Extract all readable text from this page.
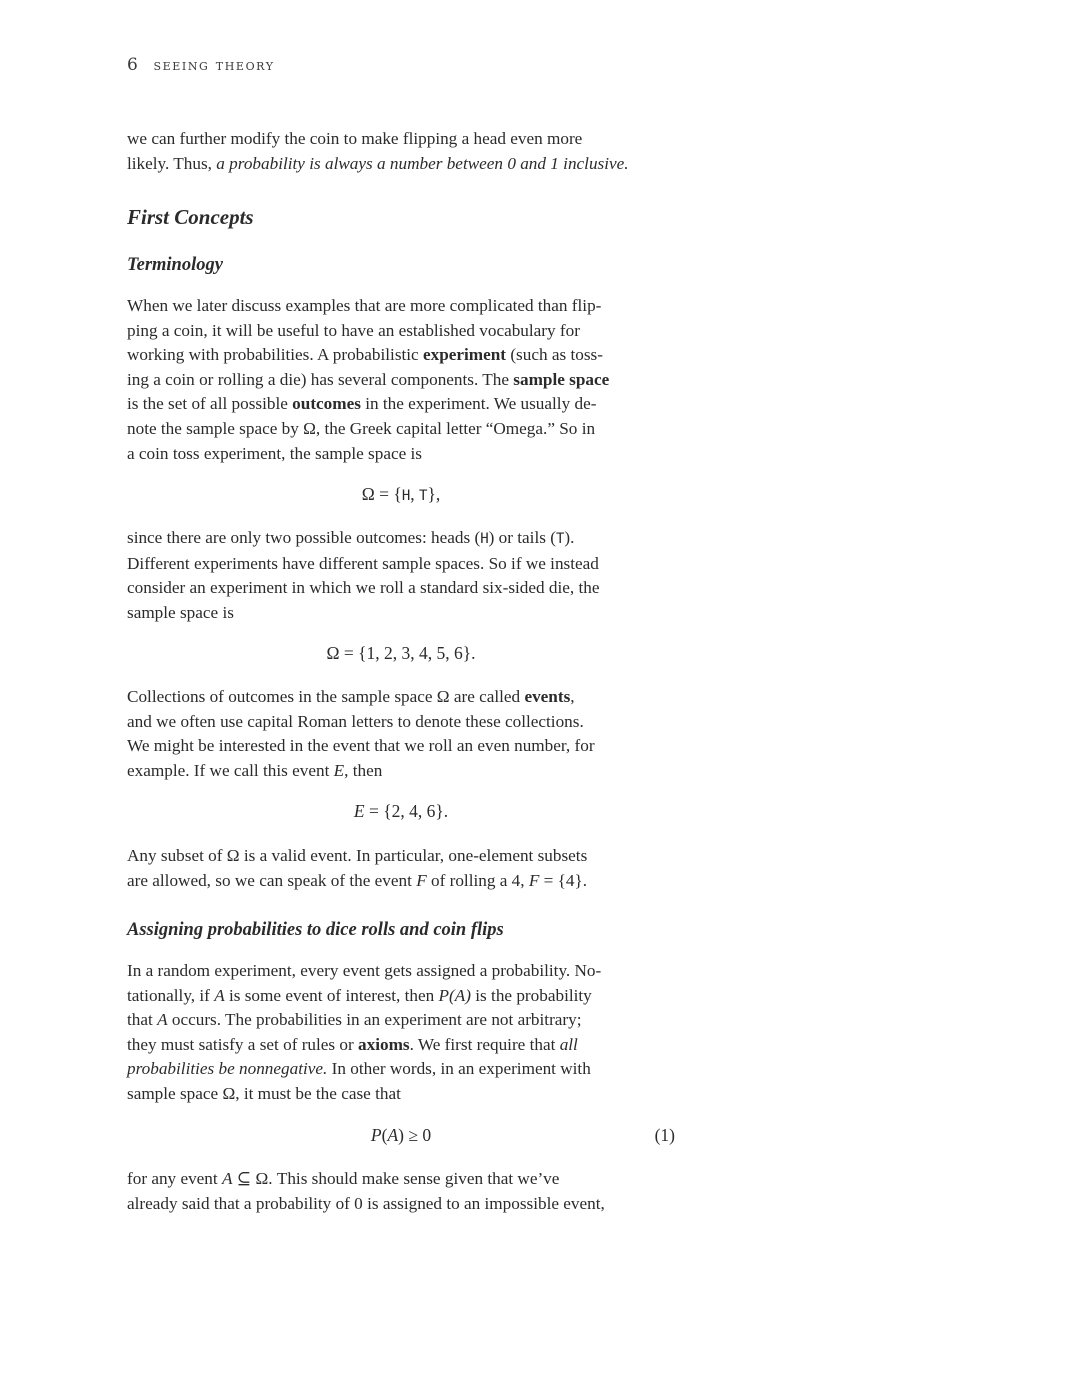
6 seeing theory

we can further modify the coin to make flipping a head even more
likely. Thus, a probability is always a number between 0 and 1 inclusive.

First Concepts
Terminology

When we later discuss examples that are more complicated than flip-
ping a coin, it will be useful to have an established vocabulary for
working with probabilities. A probabilistic experiment (such as toss-
ing a coin or rolling a die) has several components. The sample space
is the set of all possible outcomes in the experiment. We usually de-
note the sample space by Ω, the Greek capital letter “Omega.” So in
a coin toss experiment, the sample space is

Ω = {H, T},

since there are only two possible outcomes: heads (H) or tails (T).
Different experiments have different sample spaces. So if we instead
consider an experiment in which we roll a standard six-sided die, the
sample space is

Ω = {1, 2, 3, 4, 5, 6}.

Collections of outcomes in the sample space Ω are called events,
and we often use capital Roman letters to denote these collections.
We might be interested in the event that we roll an even number, for
example. If we call this event E, then

E = {2, 4, 6}.

Any subset of Ω is a valid event. In particular, one-element subsets
are allowed, so we can speak of the event F of rolling a 4, F = {4}.

Assigning probabilities to dice rolls and coin flips

In a random experiment, every event gets assigned a probability. No-
tationally, if A is some event of interest, then P(A) is the probability
that A occurs. The probabilities in an experiment are not arbitrary;
they must satisfy a set of rules or axioms. We first require that all
probabilities be nonnegative. In other words, in an experiment with
sample space Ω, it must be the case that

P(A) ≥ 0	(1)

for any event A ⊆ Ω. This should make sense given that we’ve
already said that a probability of 0 is assigned to an impossible event,
